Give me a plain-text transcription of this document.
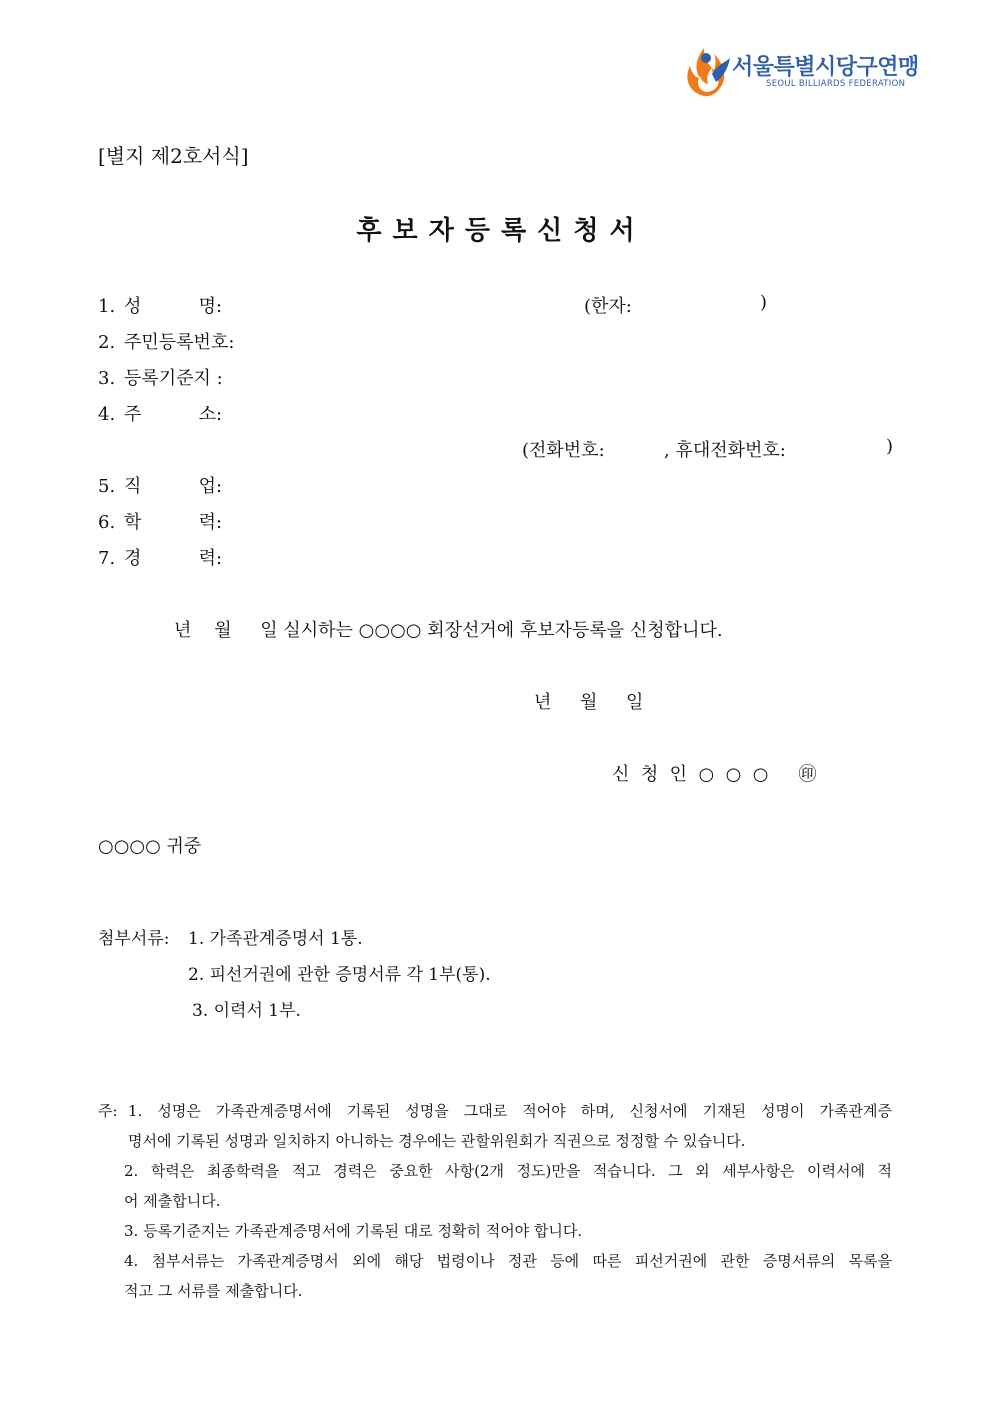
서울특별시당구연맹
SEOUL BILLIARDS FEDERATION
[별지 제2호서식]
후 보 자 등 록 신 청 서
1. 성          명:	(한자:	)
2. 주민등록번호:
3. 등록기준지 :
4. 주          소:
(전화번호:	, 휴대전화번호:	)
5. 직          업:
6. 학          력:
7. 경          력:
년    월     일 실시하는 ○○○○ 회장선거에 후보자등록을 신청합니다.
년     월     일
신  청  인  ○  ○  ○ ㊞
○○○○ 귀중
첨부서류: 1. 가족관계증명서 1통.
2. 피선거권에 관한 증명서류 각 1부(통).
3. 이력서 1부.
주: 1. 성명은 가족관계증명서에 기록된 성명을 그대로 적어야 하며, 신청서에 기재된 성명이 가족관계증
명서에 기록된 성명과 일치하지 아니하는 경우에는 관할위원회가 직권으로 정정할 수 있습니다.
2. 학력은 최종학력을 적고 경력은 중요한 사항(2개 정도)만을 적습니다. 그 외 세부사항은 이력서에 적
어 제출합니다.
3. 등록기준지는 가족관계증명서에 기록된 대로 정확히 적어야 합니다.
4. 첨부서류는 가족관계증명서 외에 해당 법령이나 정관 등에 따른 피선거권에 관한 증명서류의 목록을
적고 그 서류를 제출합니다.
